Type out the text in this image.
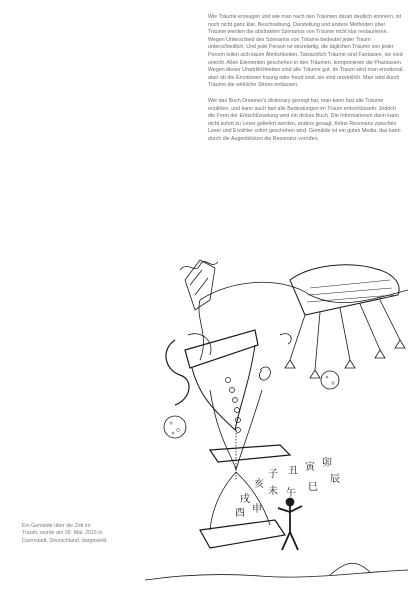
Wie Träume erzeugen und wie man nach den Träumen daran deutlich erinnern, ist noch nicht ganz klar. Beschreibung, Darstellung und andere Methoden über Träume werden die abstrakten Szenarios von Träume nicht klar restaurieren. Wegen Unterschied des Szenarios von Träume bedeutet jeder Traum unterschiedlich. Und jede Person ist einzelartig, die täglichen Träume von jeder Person teilen sich kaum Ähnlichkeiten. Tatsächlich Träume sind Fantasien, sie sind unecht. Allen Elementen geschehen in den Träumen, komponieren die Phantasien. Wegen dieser Unwirklichkeiten sind alle Träume gut. Im Traum wird man emotional, aber ob die Emotionen traurig oder freud sind, sie sind unwirklich. Man wird durch Träume die wirkliche Stress entlassen.

Wie das Buch Dreamer's dictionary gezeigt hat, man kann fast alle Träume erzählen, und kann auch fast alle Bedeutungen im Traum entschlüsseln. Jedoch die Form der Entschlüsselung wird ein dickes Buch. Die Informationen darin kann nicht sofort zu Leser geliefert werden, anders gesagt, Keine Resonanz zwischen Leser und Erzähler sofort geschehen wird. Gemälde ist ein gutes Media, das kann durch die Augenblicken die Resonanz vorrufen.

Ein Gemälde über die Zeit im Traum, wurde am 09. Mai. 2015 in Darmstadt, Deutschland, dargestellt.

子 丑 寅 卯
辰
巳
午
未
申
酉
戌
亥
